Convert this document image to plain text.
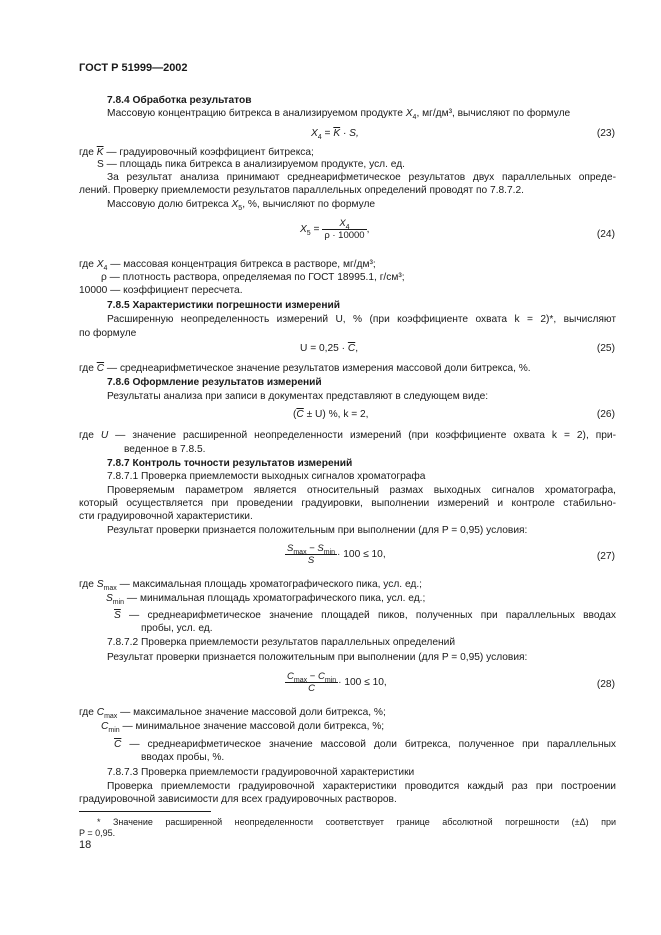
ГОСТ Р 51999—2002
7.8.4 Обработка результатов
Массовую концентрацию битрекса в анализируемом продукте $X_4$, мг/дм³, вычисляют по формуле
$X_4 = \overline{K} \cdot S$,	(23)
где $\overline{K}$ — градуировочный коэффициент битрекса;
S — площадь пика битрекса в анализируемом продукте, усл. ед.
За результат анализа принимают среднеарифметическое результатов двух параллельных опреде-
лений. Проверку приемлемости результатов параллельных определений проводят по 7.8.7.2.
Массовую долю битрекса $X_5$, %, вычисляют по формуле
$X_5 = \frac{X_4}{\rho \cdot 10000}$ ,	(24)
где $X_4$ — массовая концентрация битрекса в растворе, мг/дм³;
ρ — плотность раствора, определяемая по ГОСТ 18995.1, г/см³;
10000 — коэффициент пересчета.
7.8.5 Характеристики погрешности измерений
Расширенную неопределенность измерений U, % (при коэффициенте охвата k = 2)*, вычисляют
по формуле
$U = 0,25 \cdot \overline{C}$,	(25)
где $\overline{C}$ — среднеарифметическое значение результатов измерения массовой доли битрекса, %.
7.8.6 Оформление результатов измерений
Результаты анализа при записи в документах представляют в следующем виде:
$(\overline{C} \pm U)$ %, k = 2,	(26)
где U — значение расширенной неопределенности измерений (при коэффициенте охвата k = 2), при-
веденное в 7.8.5.
7.8.7 Контроль точности результатов измерений
7.8.7.1 Проверка приемлемости выходных сигналов хроматографа
Проверяемым параметром является относительный размах выходных сигналов хроматографа,
который осуществляется при проведении градуировки, выполнении измерений и контроле стабильно-
сти градуировочной характеристики.
Результат проверки признается положительным при выполнении (для P = 0,95) условия:
$\frac{S_{max} - S_{min}}{S} \cdot 100 \le 10$,	(27)
где $S_{max}$ — максимальная площадь хроматографического пика, усл. ед.;
$S_{min}$ — минимальная площадь хроматографического пика, усл. ед.;
$\overline{S}$ — среднеарифметическое значение площадей пиков, полученных при параллельных вводах
пробы, усл. ед.
7.8.7.2 Проверка приемлемости результатов параллельных определений
Результат проверки признается положительным при выполнении (для P = 0,95) условия:
$\frac{C_{max} - C_{min}}{C} \cdot 100 \le 10$,	(28)
где $C_{max}$ — максимальное значение массовой доли битрекса, %;
$C_{min}$ — минимальное значение массовой доли битрекса, %;
$\overline{C}$ — среднеарифметическое значение массовой доли битрекса, полученное при параллельных
вводах пробы, %.
7.8.7.3 Проверка приемлемости градуировочной характеристики
Проверка приемлемости градуировочной характеристики проводится каждый раз при построении
градуировочной зависимости для всех градуировочных растворов.
* Значение расширенной неопределенности соответствует границе абсолютной погрешности (±Δ) при
P = 0,95.
18
